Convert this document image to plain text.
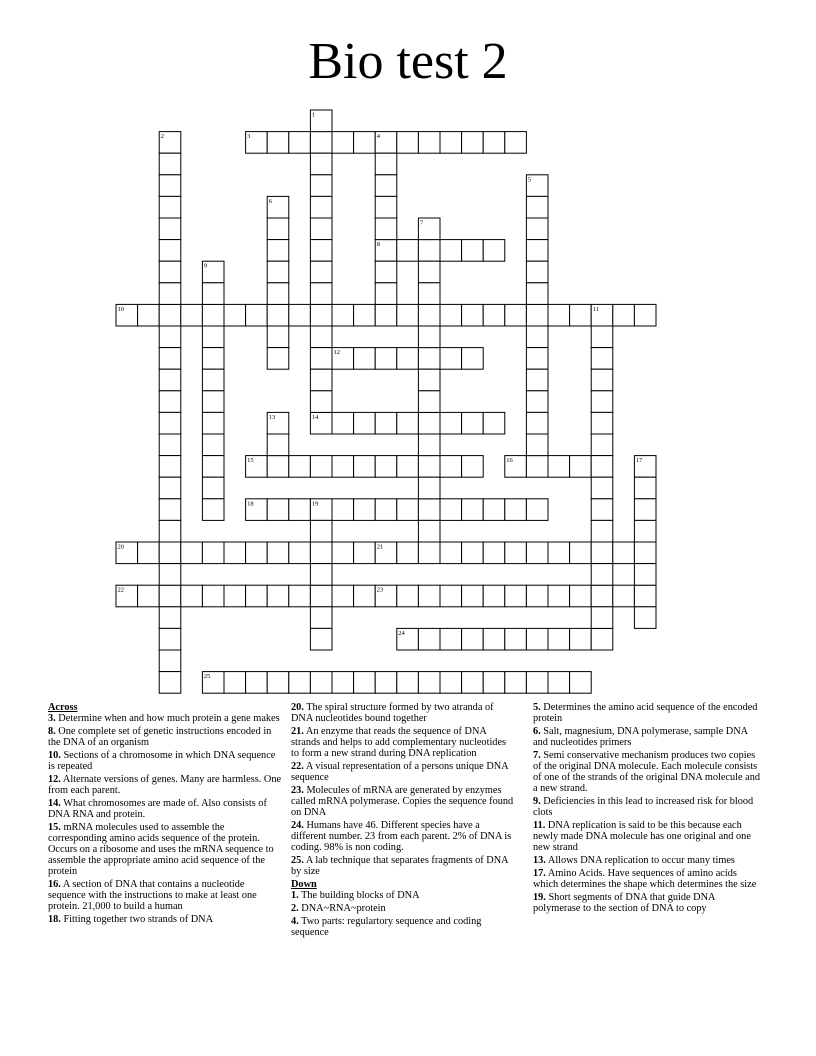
Bio test 2
1
2	3	4
5
6
7
8
9
10	11
12
13	14
15	16	17
18	19
20	21
22	23
24
25
Across
3. Determine when and how much protein a gene makes
8. One complete set of genetic instructions encoded in the DNA of an organism
10. Sections of a chromosome in which DNA sequence is repeated
12. Alternate versions of genes. Many are harmless. One from each parent.
14. What chromosomes are made of. Also consists of DNA RNA and protein.
15. mRNA molecules used to assemble the corresponding amino acids sequence of the protein. Occurs on a ribosome and uses the mRNA sequence to assemble the appropriate amino acid sequence of the protein
16. A section of DNA that contains a nucleotide sequence with the instructions to make at least one protein. 21,000 to build a human
18. Fitting together two strands of DNA
20. The spiral structure formed by two atranda of DNA nucleotides bound together
21. An enzyme that reads the sequence of DNA strands and helps to add complementary nucleotides to form a new strand during DNA replication
22. A visual representation of a persons unique DNA sequence
23. Molecules of mRNA are generated by enzymes called mRNA polymerase. Copies the sequence found on DNA
24. Humans have 46. Different species have a different number. 23 from each parent. 2% of DNA is coding. 98% is non coding.
25. A lab technique that separates fragments of DNA by size
Down
1. The building blocks of DNA
2. DNA~RNA~protein
4. Two parts: regulartory sequence and coding sequence
5. Determines the amino acid sequence of the encoded protein
6. Salt, magnesium, DNA polymerase, sample DNA and nucleotides primers
7. Semi conservative mechanism produces two copies of the original DNA molecule. Each molecule consists of one of the strands of the original DNA molecule and a new strand.
9. Deficiencies in this lead to increased risk for blood clots
11. DNA replication is said to be this because each newly made DNA molecule has one original and one new strand
13. Allows DNA replication to occur many times
17. Amino Acids. Have sequences of amino acids which determines the shape which determines the size
19. Short segments of DNA that guide DNA polymerase to the section of DNA to copy
